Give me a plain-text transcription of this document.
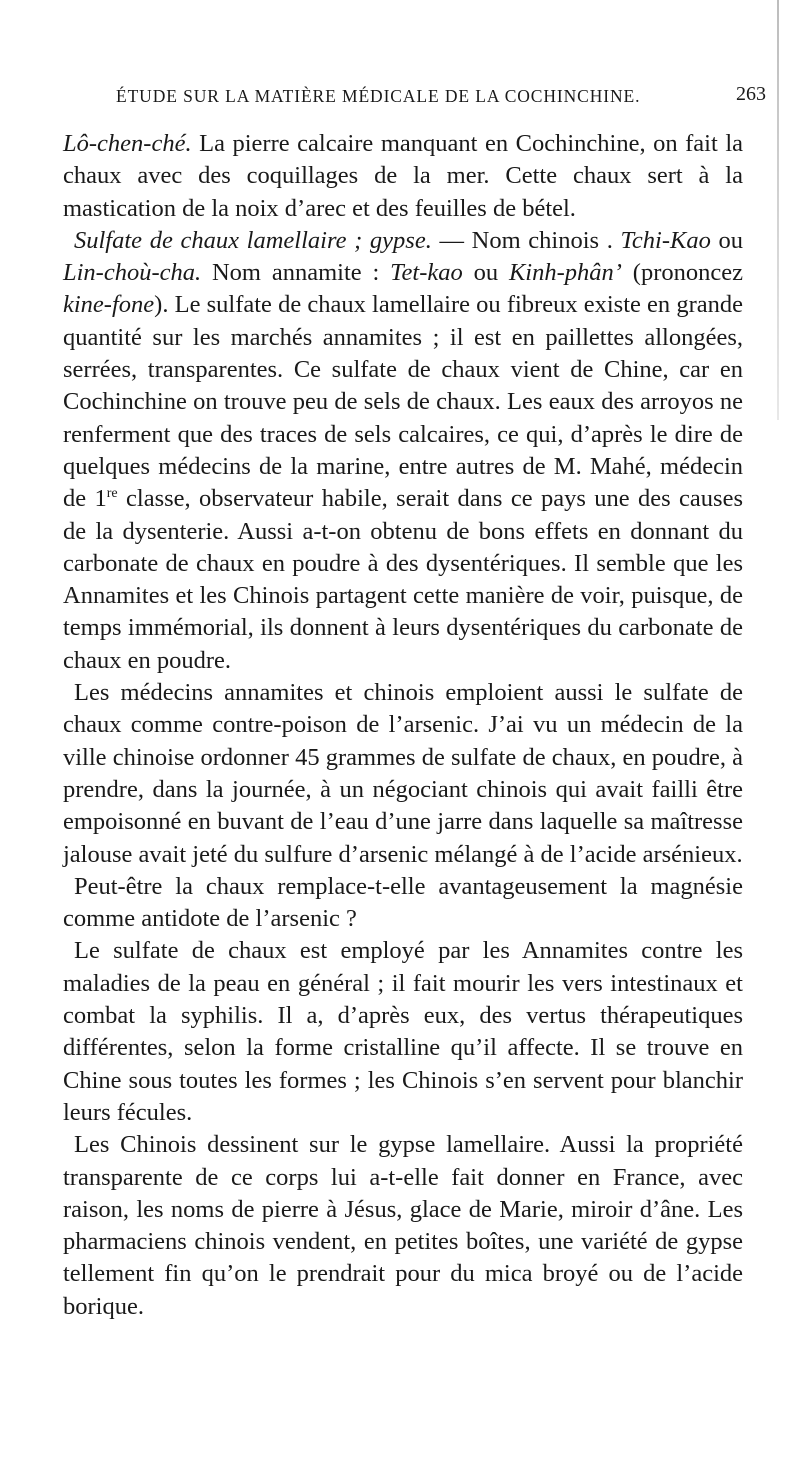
ÉTUDE SUR LA MATIÈRE MÉDICALE DE LA COCHINCHINE.	263

Lô-chen-ché. La pierre calcaire manquant en Cochinchine, on fait la chaux avec des coquillages de la mer. Cette chaux sert à la mastication de la noix d’arec et des feuilles de bétel.

Sulfate de chaux lamellaire ; gypse. — Nom chinois . Tchi-Kao ou Lin-choù-cha. Nom annamite : Tet-kao ou Kinh-phân’ (prononcez kine-fone). Le sulfate de chaux lamellaire ou fibreux existe en grande quantité sur les marchés annamites ; il est en paillettes allongées, serrées, transparentes. Ce sulfate de chaux vient de Chine, car en Cochinchine on trouve peu de sels de chaux. Les eaux des arroyos ne renferment que des traces de sels calcaires, ce qui, d’après le dire de quelques médecins de la marine, entre autres de M. Mahé, médecin de 1re classe, observateur habile, serait dans ce pays une des causes de la dysenterie. Aussi a-t-on obtenu de bons effets en donnant du carbonate de chaux en poudre à des dysentériques. Il semble que les Annamites et les Chinois partagent cette manière de voir, puisque, de temps immémorial, ils donnent à leurs dysentériques du carbonate de chaux en poudre.

Les médecins annamites et chinois emploient aussi le sulfate de chaux comme contre-poison de l’arsenic. J’ai vu un médecin de la ville chinoise ordonner 45 grammes de sulfate de chaux, en poudre, à prendre, dans la journée, à un négociant chinois qui avait failli être empoisonné en buvant de l’eau d’une jarre dans laquelle sa maîtresse jalouse avait jeté du sulfure d’arsenic mélangé à de l’acide arsénieux.

Peut-être la chaux remplace-t-elle avantageusement la magnésie comme antidote de l’arsenic ?

Le sulfate de chaux est employé par les Annamites contre les maladies de la peau en général ; il fait mourir les vers intestinaux et combat la syphilis. Il a, d’après eux, des vertus thérapeutiques différentes, selon la forme cristalline qu’il affecte. Il se trouve en Chine sous toutes les formes ; les Chinois s’en servent pour blanchir leurs fécules.

Les Chinois dessinent sur le gypse lamellaire. Aussi la propriété transparente de ce corps lui a-t-elle fait donner en France, avec raison, les noms de pierre à Jésus, glace de Marie, miroir d’âne. Les pharmaciens chinois vendent, en petites boîtes, une variété de gypse tellement fin qu’on le prendrait pour du mica broyé ou de l’acide borique.
